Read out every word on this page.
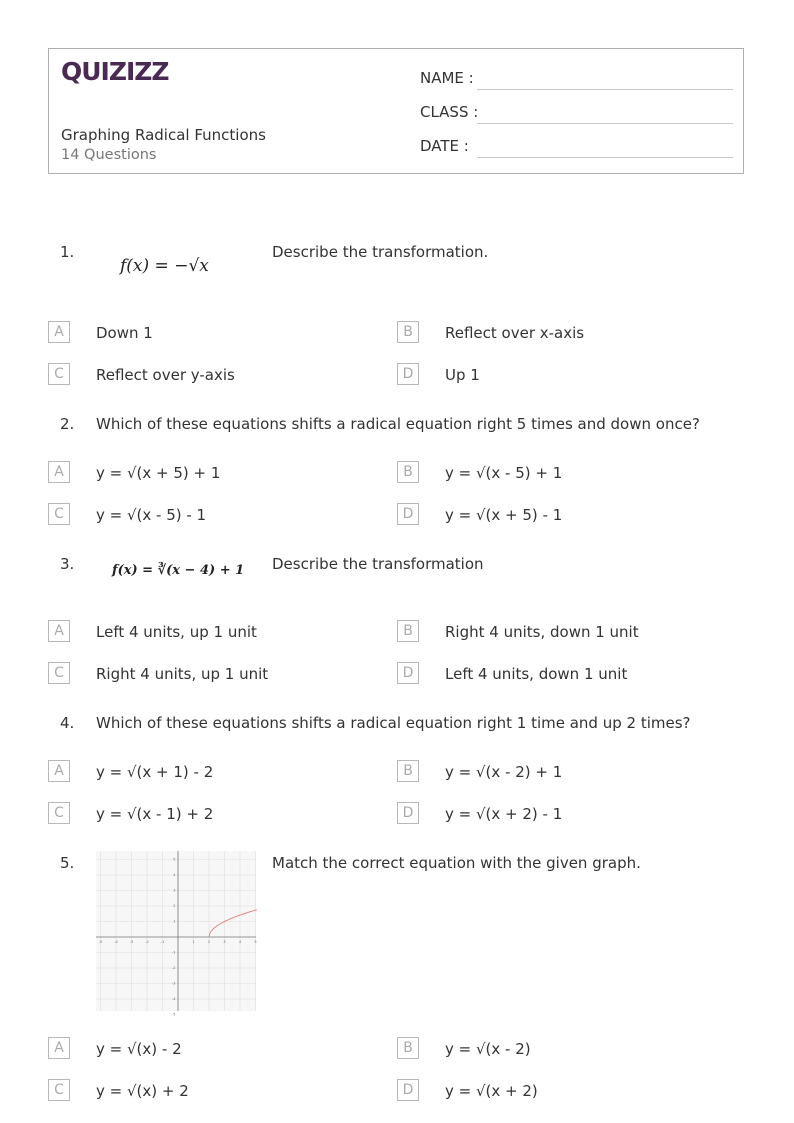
QUIZIZZ
Graphing Radical Functions
14 Questions
NAME :
CLASS :
DATE :
1.
f(x) = −√x
Describe the transformation.
A	Down 1	B	Reflect over x-axis
C	Reflect over y-axis	D	Up 1
2. Which of these equations shifts a radical equation right 5 times and down once?
A	y = √(x + 5) + 1	B	y = √(x - 5) + 1
C	y = √(x - 5) - 1	D	y = √(x + 5) - 1
3.	f(x) = ∛(x − 4) + 1 Describe the transformation
A	Left 4 units, up 1 unit	B	Right 4 units, down 1 unit
C	Right 4 units, up 1 unit	D	Left 4 units, down 1 unit
4. Which of these equations shifts a radical equation right 1 time and up 2 times?
A	y = √(x + 1) - 2	B	y = √(x - 2) + 1
C	y = √(x - 1) + 2	D	y = √(x + 2) - 1
5.	Match the correct equation with the given graph.
-5	-4	-3	-2	-1	1	2	3	4	5
5
4
3
2
1
-1
-2
-3
-4
-5
A	y = √(x) - 2	B	y = √(x - 2)
C	y = √(x) + 2	D	y = √(x + 2)
